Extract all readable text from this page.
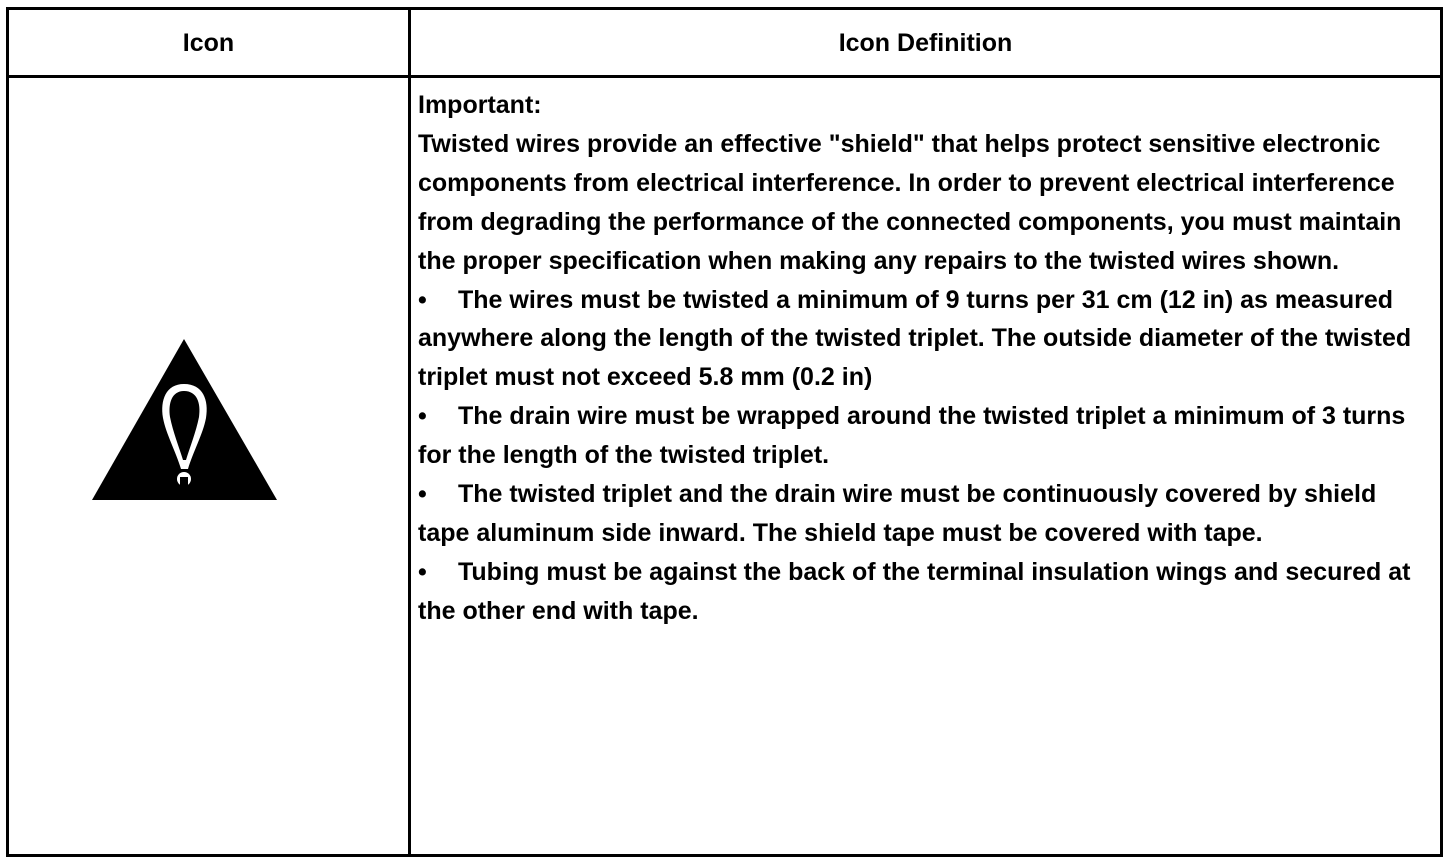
Icon	Icon Definition

Important:

Twisted wires provide an effective "shield" that helps protect sensitive electronic components from electrical interference. In order to prevent electrical interference from degrading the performance of the connected components, you must maintain the proper specification when making any repairs to the twisted wires shown.

• The wires must be twisted a minimum of 9 turns per 31 cm (12 in) as measured anywhere along the length of the twisted triplet. The outside diameter of the twisted triplet must not exceed 5.8 mm (0.2 in)

• The drain wire must be wrapped around the twisted triplet a minimum of 3 turns for the length of the twisted triplet.

• The twisted triplet and the drain wire must be continuously covered by shield tape aluminum side inward. The shield tape must be covered with tape.

• Tubing must be against the back of the terminal insulation wings and secured at the other end with tape.
